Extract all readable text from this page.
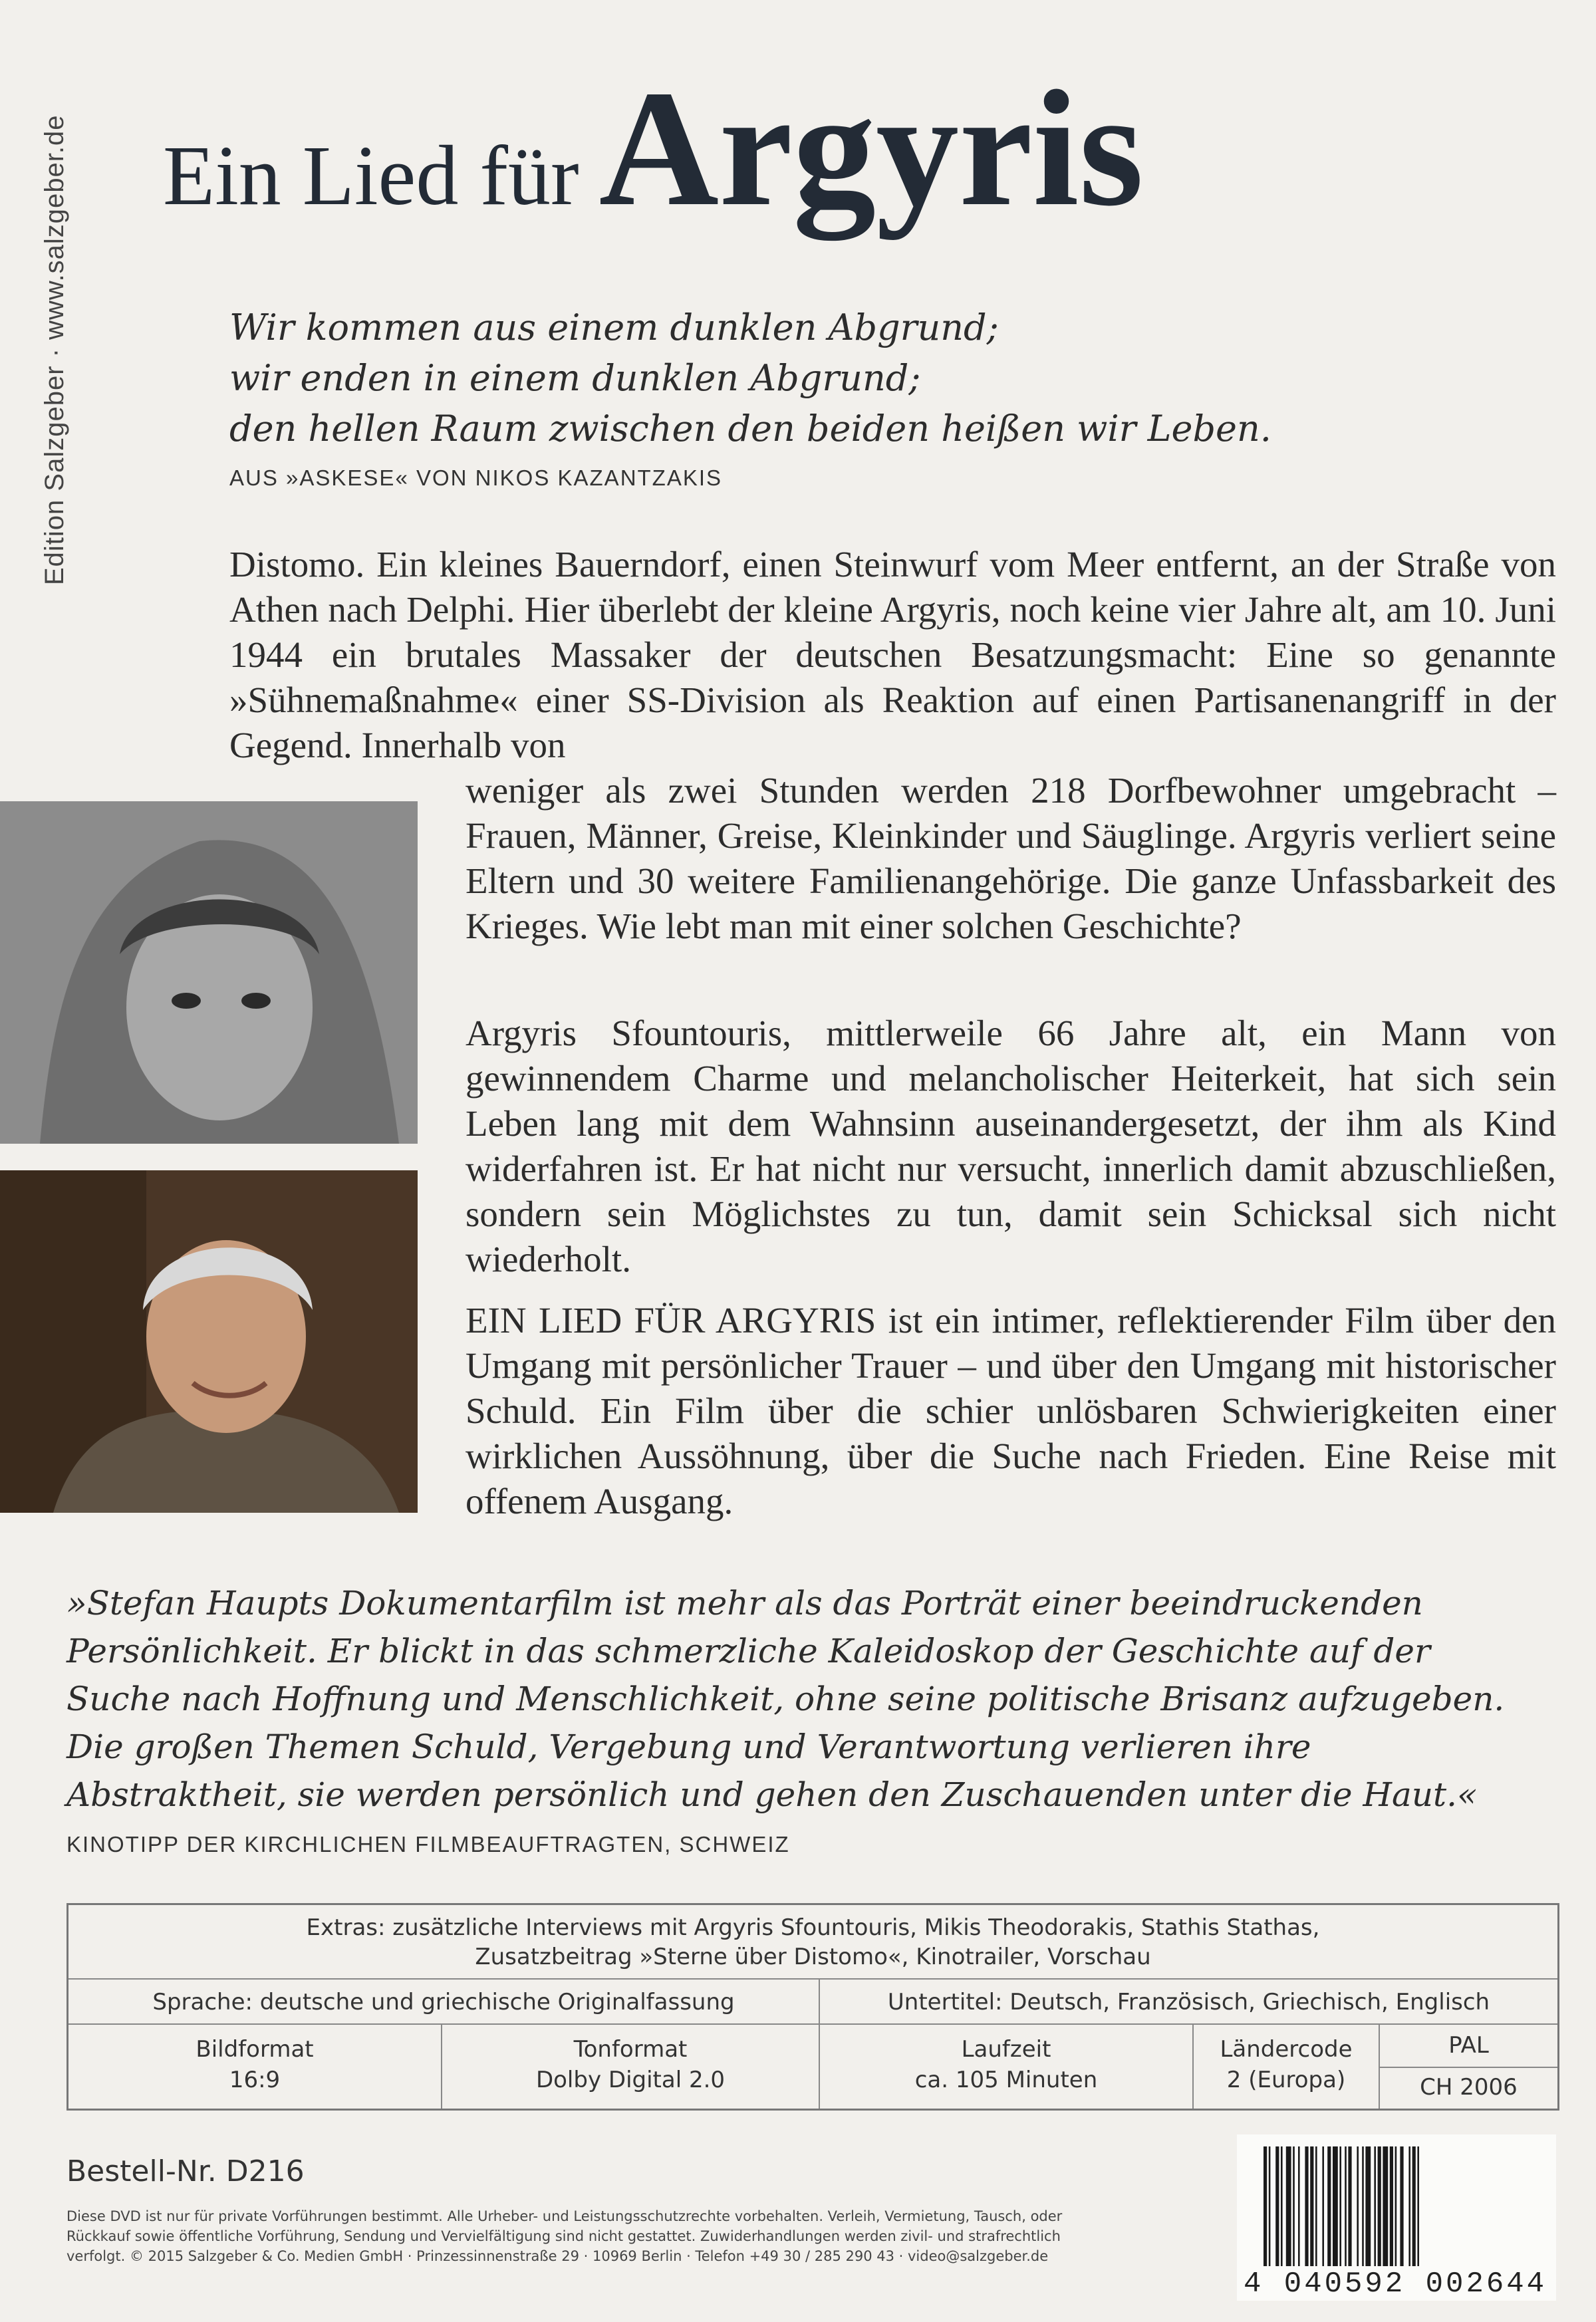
Edition Salzgeber · www.salzgeber.de Ein Lied für Argyris
Wir kommen aus einem dunklen Abgrund;
wir enden in einem dunklen Abgrund;
den hellen Raum zwischen den beiden heißen wir Leben.
AUS »ASKESE« VON NIKOS KAZANTZAKIS
Distomo. Ein kleines Bauerndorf, einen Steinwurf vom Meer entfernt, an der Straße von Athen nach Delphi. Hier überlebt der kleine Argyris, noch keine vier Jahre alt, am 10. Juni 1944 ein brutales Massaker der deutschen Besatzungsmacht: Eine so genannte »Sühnemaßnahme« einer SS-Division als Reaktion auf einen Partisanenangriff in der Gegend. Innerhalb von
weniger als zwei Stunden werden 218 Dorfbewohner umgebracht – Frauen, Männer, Greise, Kleinkinder und Säuglinge. Argyris verliert seine Eltern und 30 weitere Familienangehörige. Die ganze Unfassbarkeit des Krieges. Wie lebt man mit einer solchen Geschichte?
Argyris Sfountouris, mittlerweile 66 Jahre alt, ein Mann von gewinnendem Charme und melancholischer Heiterkeit, hat sich sein Leben lang mit dem Wahnsinn auseinandergesetzt, der ihm als Kind widerfahren ist. Er hat nicht nur versucht, innerlich damit abzuschließen, sondern sein Möglichstes zu tun, damit sein Schicksal sich nicht wiederholt.
EIN LIED FÜR ARGYRIS ist ein intimer, reflektierender Film über den Umgang mit persönlicher Trauer – und über den Umgang mit historischer Schuld. Ein Film über die schier unlösbaren Schwierigkeiten einer wirklichen Aussöhnung, über die Suche nach Frieden. Eine Reise mit offenem Ausgang.
»Stefan Haupts Dokumentarfilm ist mehr als das Porträt einer beeindruckenden
Persönlichkeit. Er blickt in das schmerzliche Kaleidoskop der Geschichte auf der
Suche nach Hoffnung und Menschlichkeit, ohne seine politische Brisanz aufzugeben.
Die großen Themen Schuld, Vergebung und Verantwortung verlieren ihre
Abstraktheit, sie werden persönlich und gehen den Zuschauenden unter die Haut.«
KINOTIPP DER KIRCHLICHEN FILMBEAUFTRAGTEN, SCHWEIZ
Extras: zusätzliche Interviews mit Argyris Sfountouris, Mikis Theodorakis, Stathis Stathas,
Zusatzbeitrag »Sterne über Distomo«, Kinotrailer, Vorschau
Sprache: deutsche und griechische Originalfassung	Untertitel: Deutsch, Französisch, Griechisch, Englisch
Bildformat
16:9
Tonformat
Dolby Digital 2.0
Laufzeit
ca. 105 Minuten
Ländercode
2 (Europa)
PAL
CH 2006
Bestell-Nr. D216
Diese DVD ist nur für private Vorführungen bestimmt. Alle Urheber- und Leistungsschutzrechte vorbehalten. Verleih, Vermietung, Tausch, oder
Rückkauf sowie öffentliche Vorführung, Sendung und Vervielfältigung sind nicht gestattet. Zuwiderhandlungen werden zivil- und strafrechtlich
verfolgt. © 2015 Salzgeber & Co. Medien GmbH · Prinzessinnenstraße 29 · 10969 Berlin · Telefon +49 30 / 285 290 43 · video@salzgeber.de
4 040592 002644
